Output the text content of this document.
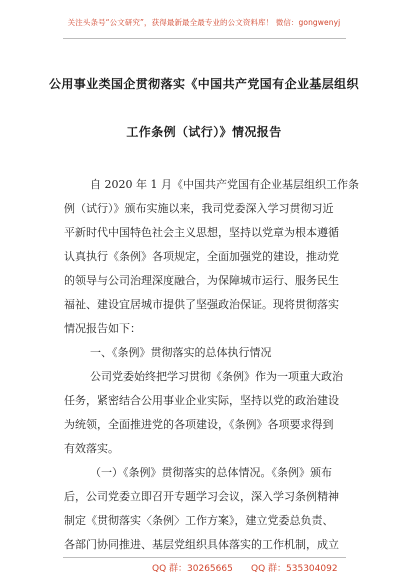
关注头条号“公文研究”，获得最新最全最专业的公文资料库！ 微信：gongwenyj
公用事业类国企贯彻落实《中国共产党国有企业基层组织
工作条例（试行）》情况报告
自 2020 年 1 月《中国共产党国有企业基层组织工作条
例（试行）》颁布实施以来，我司党委深入学习贯彻习近
平新时代中国特色社会主义思想，坚持以党章为根本遵循
认真执行《条例》各项规定，全面加强党的建设，推动党
的领导与公司治理深度融合，为保障城市运行、服务民生
福祉、建设宜居城市提供了坚强政治保证。现将贯彻落实
情况报告如下：
一、《条例》贯彻落实的总体执行情况
公司党委始终把学习贯彻《条例》作为一项重大政治
任务，紧密结合公用事业企业实际，坚持以党的政治建设
为统领，全面推进党的各项建设，《条例》各项要求得到
有效落实。
（一）《条例》贯彻落实的总体情况。《条例》颁布
后，公司党委立即召开专题学习会议，深入学习条例精神
制定《贯彻落实〈条例〉工作方案》，建立党委总负责、
各部门协同推进、基层党组织具体落实的工作机制，成立
QQ 群：30265665 QQ 群：535304092
